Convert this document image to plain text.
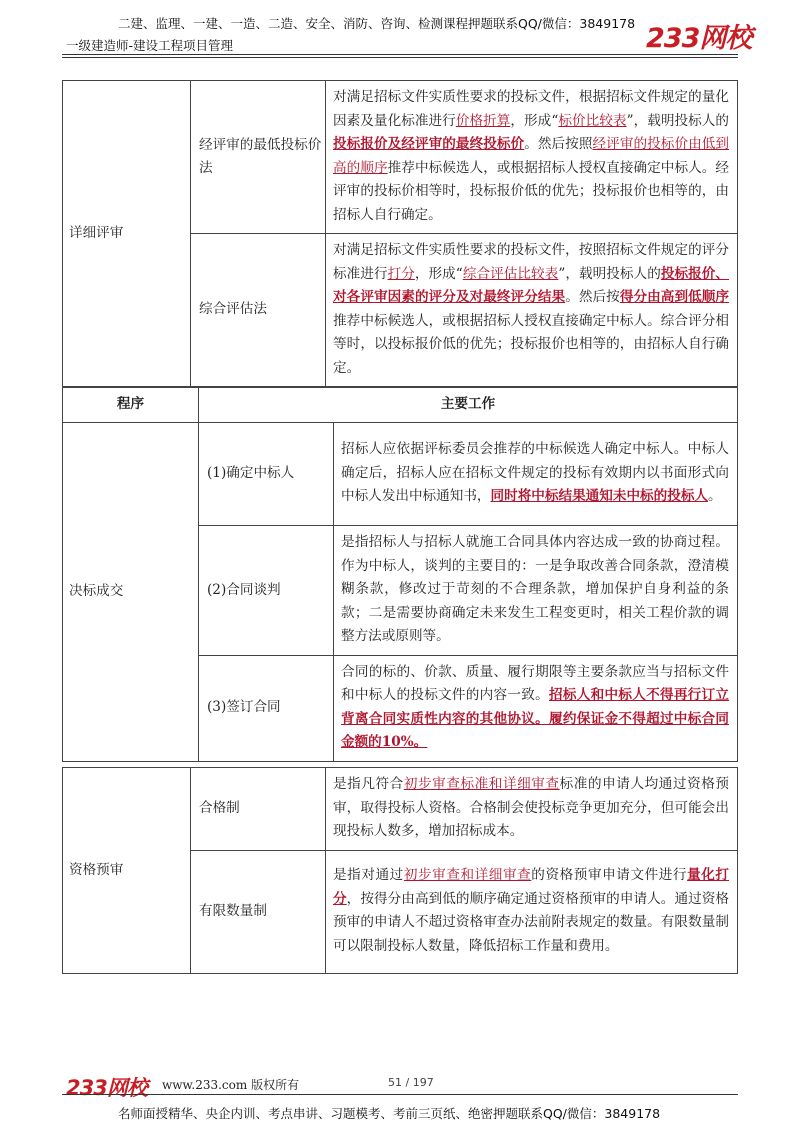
二建、监理、一建、一造、二造、安全、消防、咨询、检测课程押题联系QQ/微信：3849178
一级建造师-建设工程项目管理	233网校
详细评审	经评审的最低投标价法	对满足招标文件实质性要求的投标文件，根据招标文件规定的量化因素及量化标准进行价格折算，形成“标价比较表”，载明投标人的投标报价及经评审的最终投标价。然后按照经评审的投标价由低到高的顺序推荐中标候选人，或根据招标人授权直接确定中标人。经评审的投标价相等时，投标报价低的优先；投标报价也相等的，由招标人自行确定。
	综合评估法	对满足招标文件实质性要求的投标文件，按照招标文件规定的评分标准进行打分，形成“综合评估比较表”，载明投标人的投标报价、对各评审因素的评分及对最终评分结果。然后按得分由高到低顺序推荐中标候选人，或根据招标人授权直接确定中标人。综合评分相等时，以投标报价低的优先；投标报价也相等的，由招标人自行确定。
程序	主要工作	
决标成交	(1)确定中标人	招标人应依据评标委员会推荐的中标候选人确定中标人。中标人确定后，招标人应在招标文件规定的投标有效期内以书面形式向中标人发出中标通知书，同时将中标结果通知未中标的投标人。
	(2)合同谈判	是指招标人与招标人就施工合同具体内容达成一致的协商过程。作为中标人，谈判的主要目的：一是争取改善合同条款，澄清模糊条款，修改过于苛刻的不合理条款，增加保护自身利益的条款；二是需要协商确定未来发生工程变更时，相关工程价款的调整方法或原则等。
	(3)签订合同	合同的标的、价款、质量、履行期限等主要条款应当与招标文件和中标人的投标文件的内容一致。招标人和中标人不得再行订立背离合同实质性内容的其他协议。履约保证金不得超过中标合同金额的10%。
资格预审	合格制	是指凡符合初步审查标准和详细审查标准的申请人均通过资格预审，取得投标人资格。合格制会使投标竞争更加充分，但可能会出现投标人数多，增加招标成本。
	有限数量制	是指对通过初步审查和详细审查的资格预审申请文件进行量化打分，按得分由高到低的顺序确定通过资格预审的申请人。通过资格预审的申请人不超过资格审查办法前附表规定的数量。有限数量制可以限制投标人数量，降低招标工作量和费用。
233网校 www.233.com 版权所有	51 / 197
名师面授精华、央企内训、考点串讲、习题模考、考前三页纸、绝密押题联系QQ/微信：3849178
